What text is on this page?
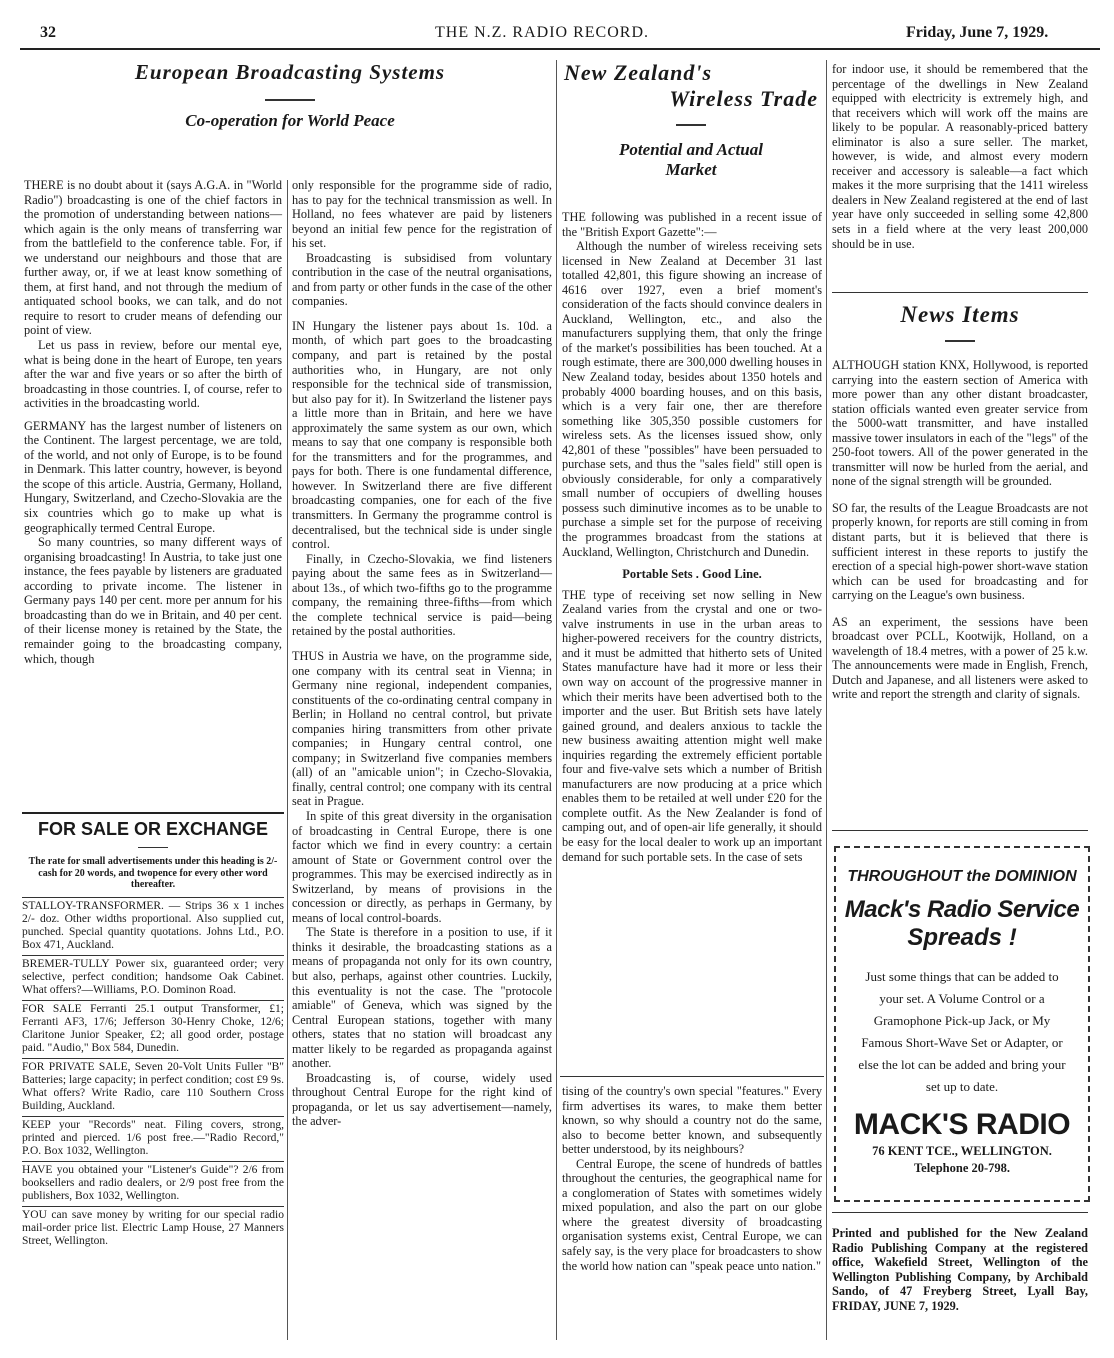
32	THE N.Z. RADIO RECORD.	Friday, June 7, 1929.
European Broadcasting Systems
Co-operation for World Peace

THERE is no doubt about it (says A.G.A. in "World Radio") broadcasting is one of the chief factors in the promotion of understanding between nations—which again is the only means of transferring war from the battlefield to the conference table. For, if we understand our neighbours and those that are further away, or, if we at least know something of them, at first hand, and not through the medium of antiquated school books, we can talk, and do not require to resort to cruder means of defending our point of view.

Let us pass in review, before our mental eye, what is being done in the heart of Europe, ten years after the war and five years or so after the birth of broadcasting in those countries. I, of course, refer to activities in the broadcasting world.

GERMANY has the largest number of listeners on the Continent. The largest percentage, we are told, of the world, and not only of Europe, is to be found in Denmark. This latter country, however, is beyond the scope of this article. Austria, Germany, Holland, Hungary, Switzerland, and Czecho-Slovakia are the six countries which go to make up what is geographically termed Central Europe.

So many countries, so many different ways of organising broadcasting! In Austria, to take just one instance, the fees payable by listeners are graduated according to private income. The listener in Germany pays 140 per cent. more per annum for his broadcasting than do we in Britain, and 40 per cent. of their license money is retained by the State, the remainder going to the broadcasting company, which, though

FOR SALE OR EXCHANGE
The rate for small advertisements under this heading is 2/- cash for 20 words, and twopence for every other word thereafter.
STALLOY-TRANSFORMER. — Strips 36 x 1 inches 2/- doz. Other widths proportional. Also supplied cut, punched. Special quantity quotations. Johns Ltd., P.O. Box 471, Auckland.
BREMER-TULLY Power six, guaranteed order; very selective, perfect condition; handsome Oak Cabinet. What offers?—Williams, P.O. Dominon Road.
FOR SALE Ferranti 25.1 output Transformer, £1; Ferranti AF3, 17/6; Jefferson 30-Henry Choke, 12/6; Claritone Junior Speaker, £2; all good order, postage paid. "Audio," Box 584, Dunedin.
FOR PRIVATE SALE, Seven 20-Volt Units Fuller "B" Batteries; large capacity; in perfect condition; cost £9 9s. What offers? Write Radio, care 110 Southern Cross Building, Auckland.
KEEP your "Records" neat. Filing covers, strong, printed and pierced. 1/6 post free.—"Radio Record," P.O. Box 1032, Wellington.
HAVE you obtained your "Listener's Guide"? 2/6 from booksellers and radio dealers, or 2/9 post free from the publishers, Box 1032, Wellington.
YOU can save money by writing for our special radio mail-order price list. Electric Lamp House, 27 Manners Street, Wellington.

only responsible for the programme side of radio, has to pay for the technical transmission as well. In Holland, no fees whatever are paid by listeners beyond an initial few pence for the registration of his set.

Broadcasting is subsidised from voluntary contribution in the case of the neutral organisations, and from party or other funds in the case of the other companies.

IN Hungary the listener pays about 1s. 10d. a month, of which part goes to the broadcasting company, and part is retained by the postal authorities who, in Hungary, are not only responsible for the technical side of transmission, but also pay for it). In Switzerland the listener pays a little more than in Britain, and here we have approximately the same system as our own, which means to say that one company is responsible both for the transmitters and for the programmes, and pays for both. There is one fundamental difference, however. In Switzerland there are five different broadcasting companies, one for each of the five transmitters. In Germany the programme control is decentralised, but the technical side is under single control.

Finally, in Czecho-Slovakia, we find listeners paying about the same fees as in Switzerland—about 13s., of which two-fifths go to the programme company, the remaining three-fifths—from which the complete technical service is paid—being retained by the postal authorities.

THUS in Austria we have, on the programme side, one company with its central seat in Vienna; in Germany nine regional, independent companies, constituents of the co-ordinating central company in Berlin; in Holland no central control, but private companies hiring transmitters from other private companies; in Hungary central control, one company; in Switzerland five companies members (all) of an "amicable union"; in Czecho-Slovakia, finally, central control; one company with its central seat in Prague.

In spite of this great diversity in the organisation of broadcasting in Central Europe, there is one factor which we find in every country: a certain amount of State or Government control over the programmes. This may be exercised indirectly as in Switzerland, by means of provisions in the concession or directly, as perhaps in Germany, by means of local control-boards.

The State is therefore in a position to use, if it thinks it desirable, the broadcasting stations as a means of propaganda not only for its own country, but also, perhaps, against other countries. Luckily, this eventuality is not the case. The "protocole amiable" of Geneva, which was signed by the Central European stations, together with many others, states that no station will broadcast any matter likely to be regarded as propaganda against another.

Broadcasting is, of course, widely used throughout Central Europe for the right kind of propaganda, or let us say advertisement—namely, the adver-

New Zealand's
Wireless Trade
Potential and Actual
Market

THE following was published in a recent issue of the "British Export Gazette":—

Although the number of wireless receiving sets licensed in New Zealand at December 31 last totalled 42,801, this figure showing an increase of 4616 over 1927, even a brief moment's consideration of the facts should convince dealers in Auckland, Wellington, etc., and also the manufacturers supplying them, that only the fringe of the market's possibilities has been touched. At a rough estimate, there are 300,000 dwelling houses in New Zealand today, besides about 1350 hotels and probably 4000 boarding houses, and on this basis, which is a very fair one, ther are therefore something like 305,350 possible customers for wireless sets. As the licenses issued show, only 42,801 of these "possibles" have been persuaded to purchase sets, and thus the "sales field" still open is obviously considerable, for only a comparatively small number of occupiers of dwelling houses possess such diminutive incomes as to be unable to purchase a simple set for the purpose of receiving the programmes broadcast from the stations at Auckland, Wellington, Christchurch and Dunedin.

Portable Sets . Good Line.

THE type of receiving set now selling in New Zealand varies from the crystal and one or two-valve instruments in use in the urban areas to higher-powered receivers for the country districts, and it must be admitted that hitherto sets of United States manufacture have had it more or less their own way on account of the progressive manner in which their merits have been advertised both to the importer and the user. But British sets have lately gained ground, and dealers anxious to tackle the new business awaiting attention might well make inquiries regarding the extremely efficient portable four and five-valve sets which a number of British manufacturers are now producing at a price which enables them to be retailed at well under £20 for the complete outfit. As the New Zealander is fond of camping out, and of open-air life generally, it should be easy for the local dealer to work up an important demand for such portable sets. In the case of sets

tising of the country's own special "features." Every firm advertises its wares, to make them better known, so why should a country not do the same, also to become better known, and subsequently better understood, by its neighbours?

Central Europe, the scene of hundreds of battles throughout the centuries, the geographical name for a conglomeration of States with sometimes widely mixed population, and also the part on our globe where the greatest diversity of broadcasting organisation systems exist, Central Europe, we can safely say, is the very place for broadcasters to show the world how nation can "speak peace unto nation."

for indoor use, it should be remembered that the percentage of the dwellings in New Zealand equipped with electricity is extremely high, and that receivers which will work off the mains are likely to be popular. A reasonably-priced battery eliminator is also a sure seller. The market, however, is wide, and almost every modern receiver and accessory is saleable—a fact which makes it the more surprising that the 1411 wireless dealers in New Zealand registered at the end of last year have only succeeded in selling some 42,800 sets in a field where at the very least 200,000 should be in use.

News Items

ALTHOUGH station KNX, Hollywood, is reported carrying into the eastern section of America with more power than any other distant broadcaster, station officials wanted even greater service from the 5000-watt transmitter, and have installed massive tower insulators in each of the "legs" of the 250-foot towers. All of the power generated in the transmitter will now be hurled from the aerial, and none of the signal strength will be grounded.

SO far, the results of the League Broadcasts are not properly known, for reports are still coming in from distant parts, but it is believed that there is sufficient interest in these reports to justify the erection of a special high-power short-wave station which can be used for broadcasting and for carrying on the League's own business.

AS an experiment, the sessions have been broadcast over PCLL, Kootwijk, Holland, on a wavelength of 18.4 metres, with a power of 25 k.w. The announcements were made in English, French, Dutch and Japanese, and all listeners were asked to write and report the strength and clarity of signals.

THROUGHOUT the DOMINION
Mack's Radio Service
Spreads !
Just some things that can be added to your set. A Volume Control or a Gramophone Pick-up Jack, or My Famous Short-Wave Set or Adapter, or else the lot can be added and bring your set up to date.
MACK'S RADIO
76 KENT TCE., WELLINGTON.
Telephone 20-798.

Printed and published for the New Zealand Radio Publishing Company at the registered office, Wakefield Street, Wellington of the Wellington Publishing Company, by Archibald Sando, of 47 Freyberg Street, Lyall Bay, FRIDAY, JUNE 7, 1929.
